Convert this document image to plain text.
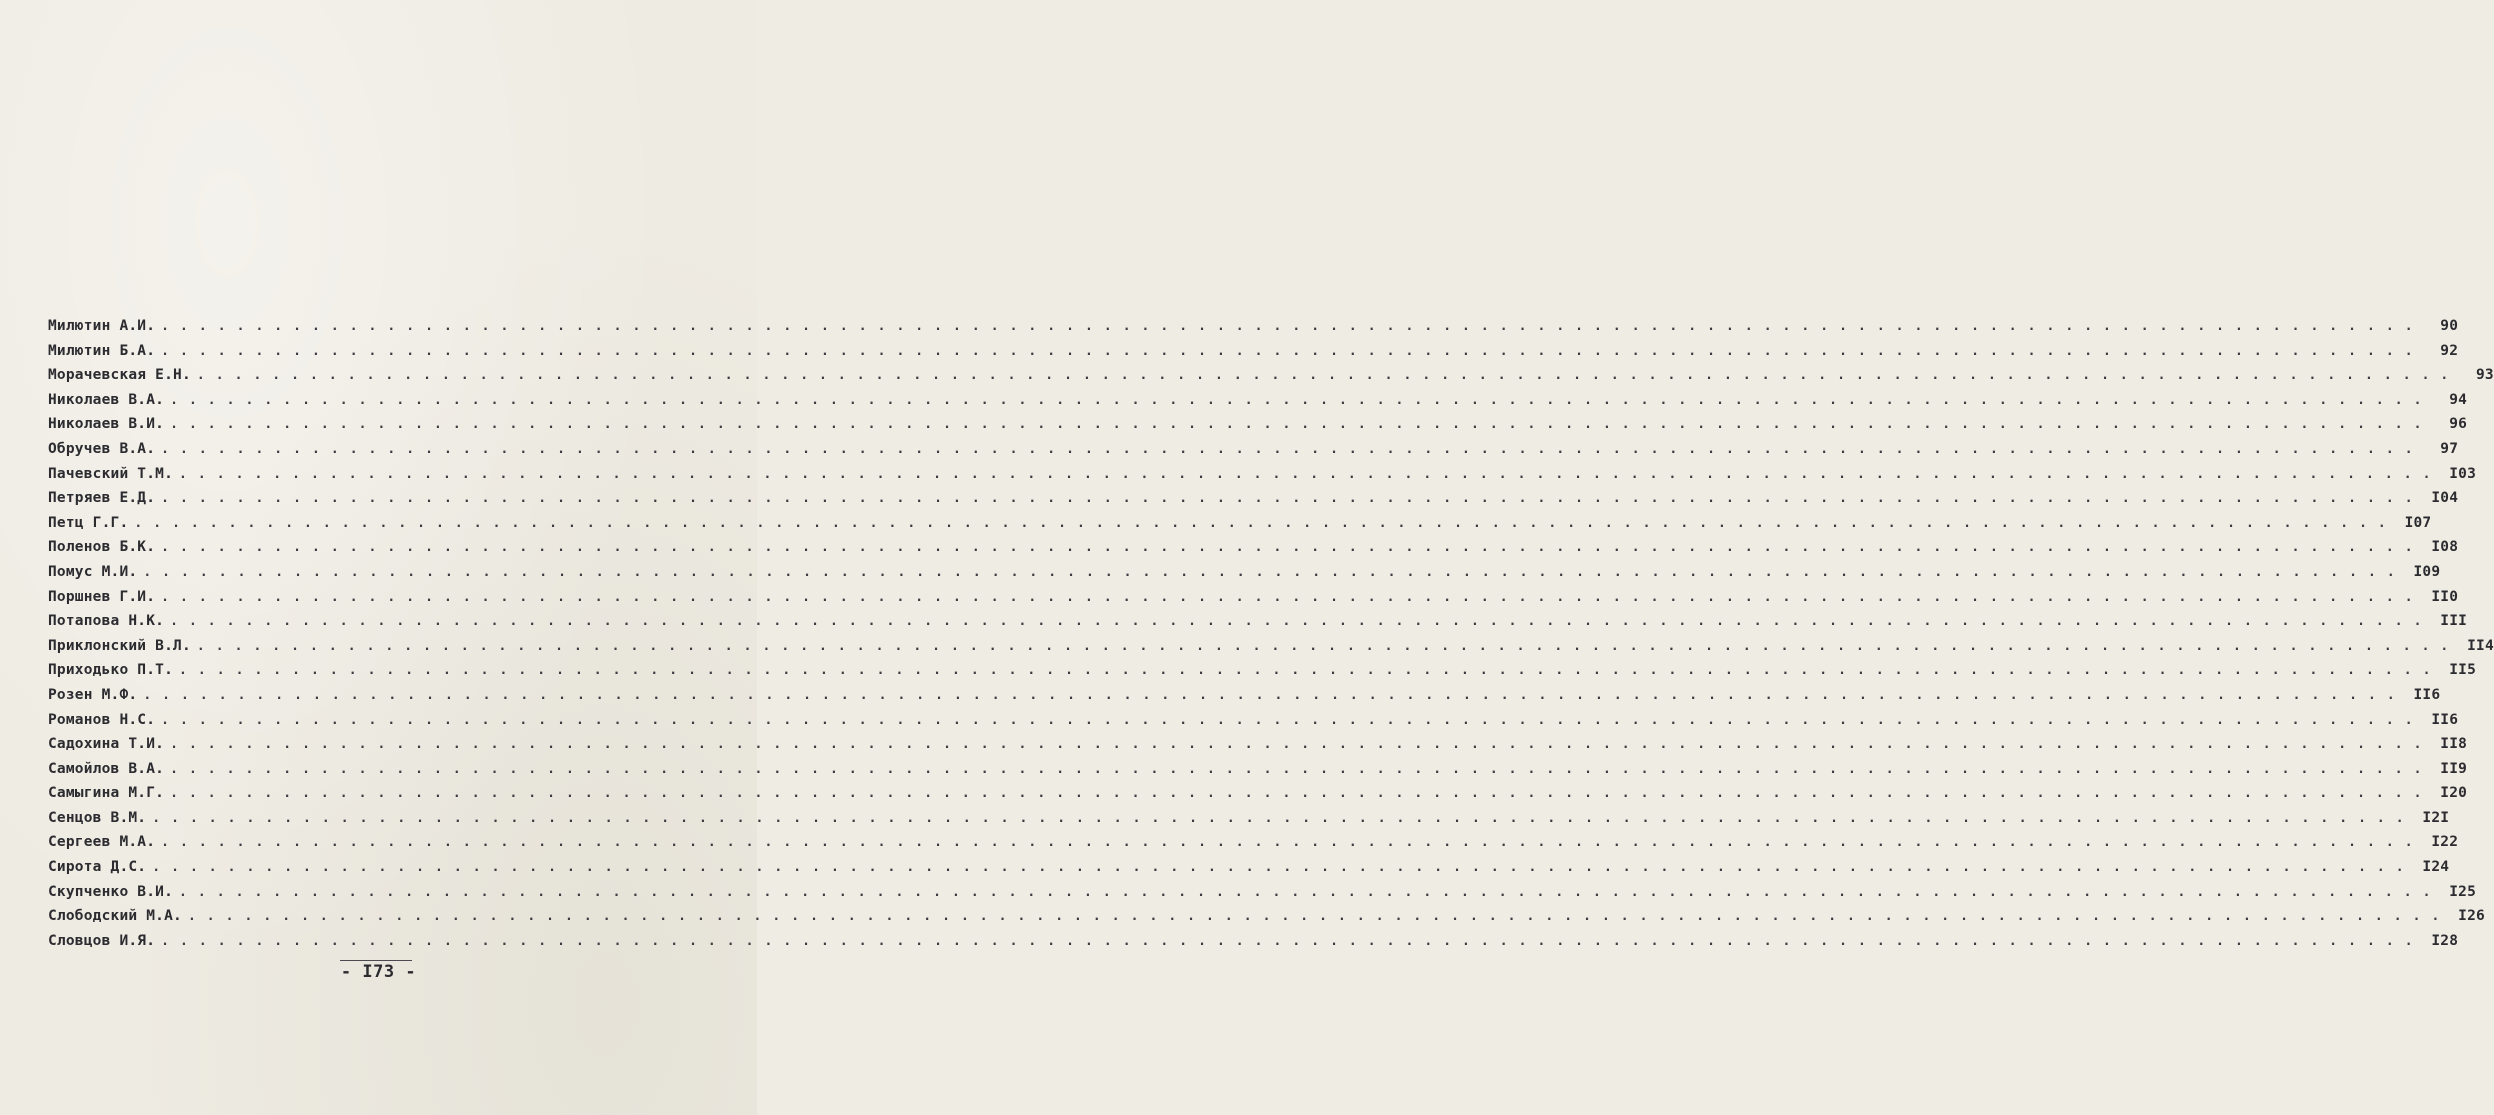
Милютин А.И. . . . . . . . . . . . . . . . . . . . . . . . . . . . . . . . . . . . . . . . . . . . . . . . . . . . . . . . . . . . . . . . . . . . . . . . . . . . . . . . . . . . . . . . . . . . . . . . . . . . . . . . . . . . . . . . . . . . . . . . .	90
Милютин Б.А. . . . . . . . . . . . . . . . . . . . . . . . . . . . . . . . . . . . . . . . . . . . . . . . . . . . . . . . . . . . . . . . . . . . . . . . . . . . . . . . . . . . . . . . . . . . . . . . . . . . . . . . . . . . . . . . . . . . . . . . .	92
Морачевская Е.Н. . . . . . . . . . . . . . . . . . . . . . . . . . . . . . . . . . . . . . . . . . . . . . . . . . . . . . . . . . . . . . . . . . . . . . . . . . . . . . . . . . . . . . . . . . . . . . . . . . . . . . . . . . . . . . . . . . . . . . . . .	93
Николаев В.А. . . . . . . . . . . . . . . . . . . . . . . . . . . . . . . . . . . . . . . . . . . . . . . . . . . . . . . . . . . . . . . . . . . . . . . . . . . . . . . . . . . . . . . . . . . . . . . . . . . . . . . . . . . . . . . . . . . . . . . . .	94
Николаев В.И. . . . . . . . . . . . . . . . . . . . . . . . . . . . . . . . . . . . . . . . . . . . . . . . . . . . . . . . . . . . . . . . . . . . . . . . . . . . . . . . . . . . . . . . . . . . . . . . . . . . . . . . . . . . . . . . . . . . . . . . .	96
Обручев В.А. . . . . . . . . . . . . . . . . . . . . . . . . . . . . . . . . . . . . . . . . . . . . . . . . . . . . . . . . . . . . . . . . . . . . . . . . . . . . . . . . . . . . . . . . . . . . . . . . . . . . . . . . . . . . . . . . . . . . . . . .	97
Пачевский Т.М. . . . . . . . . . . . . . . . . . . . . . . . . . . . . . . . . . . . . . . . . . . . . . . . . . . . . . . . . . . . . . . . . . . . . . . . . . . . . . . . . . . . . . . . . . . . . . . . . . . . . . . . . . . . . . . . . . . . . . . . .	I03
Петряев Е.Д. . . . . . . . . . . . . . . . . . . . . . . . . . . . . . . . . . . . . . . . . . . . . . . . . . . . . . . . . . . . . . . . . . . . . . . . . . . . . . . . . . . . . . . . . . . . . . . . . . . . . . . . . . . . . . . . . . . . . . . . .	I04
Петц Г.Г. . . . . . . . . . . . . . . . . . . . . . . . . . . . . . . . . . . . . . . . . . . . . . . . . . . . . . . . . . . . . . . . . . . . . . . . . . . . . . . . . . . . . . . . . . . . . . . . . . . . . . . . . . . . . . . . . . . . . . . . .	I07
Поленов Б.К. . . . . . . . . . . . . . . . . . . . . . . . . . . . . . . . . . . . . . . . . . . . . . . . . . . . . . . . . . . . . . . . . . . . . . . . . . . . . . . . . . . . . . . . . . . . . . . . . . . . . . . . . . . . . . . . . . . . . . . . .	I08
Помус М.И. . . . . . . . . . . . . . . . . . . . . . . . . . . . . . . . . . . . . . . . . . . . . . . . . . . . . . . . . . . . . . . . . . . . . . . . . . . . . . . . . . . . . . . . . . . . . . . . . . . . . . . . . . . . . . . . . . . . . . . . .	I09
Поршнев Г.И. . . . . . . . . . . . . . . . . . . . . . . . . . . . . . . . . . . . . . . . . . . . . . . . . . . . . . . . . . . . . . . . . . . . . . . . . . . . . . . . . . . . . . . . . . . . . . . . . . . . . . . . . . . . . . . . . . . . . . . . .	II0
Потапова Н.К. . . . . . . . . . . . . . . . . . . . . . . . . . . . . . . . . . . . . . . . . . . . . . . . . . . . . . . . . . . . . . . . . . . . . . . . . . . . . . . . . . . . . . . . . . . . . . . . . . . . . . . . . . . . . . . . . . . . . . . . .	III
Приклонский В.Л. . . . . . . . . . . . . . . . . . . . . . . . . . . . . . . . . . . . . . . . . . . . . . . . . . . . . . . . . . . . . . . . . . . . . . . . . . . . . . . . . . . . . . . . . . . . . . . . . . . . . . . . . . . . . . . . . . . . . . . . .	II4
Приходько П.Т. . . . . . . . . . . . . . . . . . . . . . . . . . . . . . . . . . . . . . . . . . . . . . . . . . . . . . . . . . . . . . . . . . . . . . . . . . . . . . . . . . . . . . . . . . . . . . . . . . . . . . . . . . . . . . . . . . . . . . . . .	II5
Розен М.Ф. . . . . . . . . . . . . . . . . . . . . . . . . . . . . . . . . . . . . . . . . . . . . . . . . . . . . . . . . . . . . . . . . . . . . . . . . . . . . . . . . . . . . . . . . . . . . . . . . . . . . . . . . . . . . . . . . . . . . . . . .	II6
Романов Н.С. . . . . . . . . . . . . . . . . . . . . . . . . . . . . . . . . . . . . . . . . . . . . . . . . . . . . . . . . . . . . . . . . . . . . . . . . . . . . . . . . . . . . . . . . . . . . . . . . . . . . . . . . . . . . . . . . . . . . . . . .	II6
Садохина Т.И. . . . . . . . . . . . . . . . . . . . . . . . . . . . . . . . . . . . . . . . . . . . . . . . . . . . . . . . . . . . . . . . . . . . . . . . . . . . . . . . . . . . . . . . . . . . . . . . . . . . . . . . . . . . . . . . . . . . . . . . .	II8
Самойлов В.А. . . . . . . . . . . . . . . . . . . . . . . . . . . . . . . . . . . . . . . . . . . . . . . . . . . . . . . . . . . . . . . . . . . . . . . . . . . . . . . . . . . . . . . . . . . . . . . . . . . . . . . . . . . . . . . . . . . . . . . . .	II9
Самыгина М.Г. . . . . . . . . . . . . . . . . . . . . . . . . . . . . . . . . . . . . . . . . . . . . . . . . . . . . . . . . . . . . . . . . . . . . . . . . . . . . . . . . . . . . . . . . . . . . . . . . . . . . . . . . . . . . . . . . . . . . . . . .	I20
Сенцов В.М. . . . . . . . . . . . . . . . . . . . . . . . . . . . . . . . . . . . . . . . . . . . . . . . . . . . . . . . . . . . . . . . . . . . . . . . . . . . . . . . . . . . . . . . . . . . . . . . . . . . . . . . . . . . . . . . . . . . . . . . .	I2I
Сергеев М.А. . . . . . . . . . . . . . . . . . . . . . . . . . . . . . . . . . . . . . . . . . . . . . . . . . . . . . . . . . . . . . . . . . . . . . . . . . . . . . . . . . . . . . . . . . . . . . . . . . . . . . . . . . . . . . . . . . . . . . . . .	I22
Сирота Д.С. . . . . . . . . . . . . . . . . . . . . . . . . . . . . . . . . . . . . . . . . . . . . . . . . . . . . . . . . . . . . . . . . . . . . . . . . . . . . . . . . . . . . . . . . . . . . . . . . . . . . . . . . . . . . . . . . . . . . . . . .	I24
Скупченко В.И. . . . . . . . . . . . . . . . . . . . . . . . . . . . . . . . . . . . . . . . . . . . . . . . . . . . . . . . . . . . . . . . . . . . . . . . . . . . . . . . . . . . . . . . . . . . . . . . . . . . . . . . . . . . . . . . . . . . . . . . .	I25
Слободский М.А. . . . . . . . . . . . . . . . . . . . . . . . . . . . . . . . . . . . . . . . . . . . . . . . . . . . . . . . . . . . . . . . . . . . . . . . . . . . . . . . . . . . . . . . . . . . . . . . . . . . . . . . . . . . . . . . . . . . . . . . .	I26
Словцов И.Я. . . . . . . . . . . . . . . . . . . . . . . . . . . . . . . . . . . . . . . . . . . . . . . . . . . . . . . . . . . . . . . . . . . . . . . . . . . . . . . . . . . . . . . . . . . . . . . . . . . . . . . . . . . . . . . . . . . . . . . . .	I28
- I73 -
